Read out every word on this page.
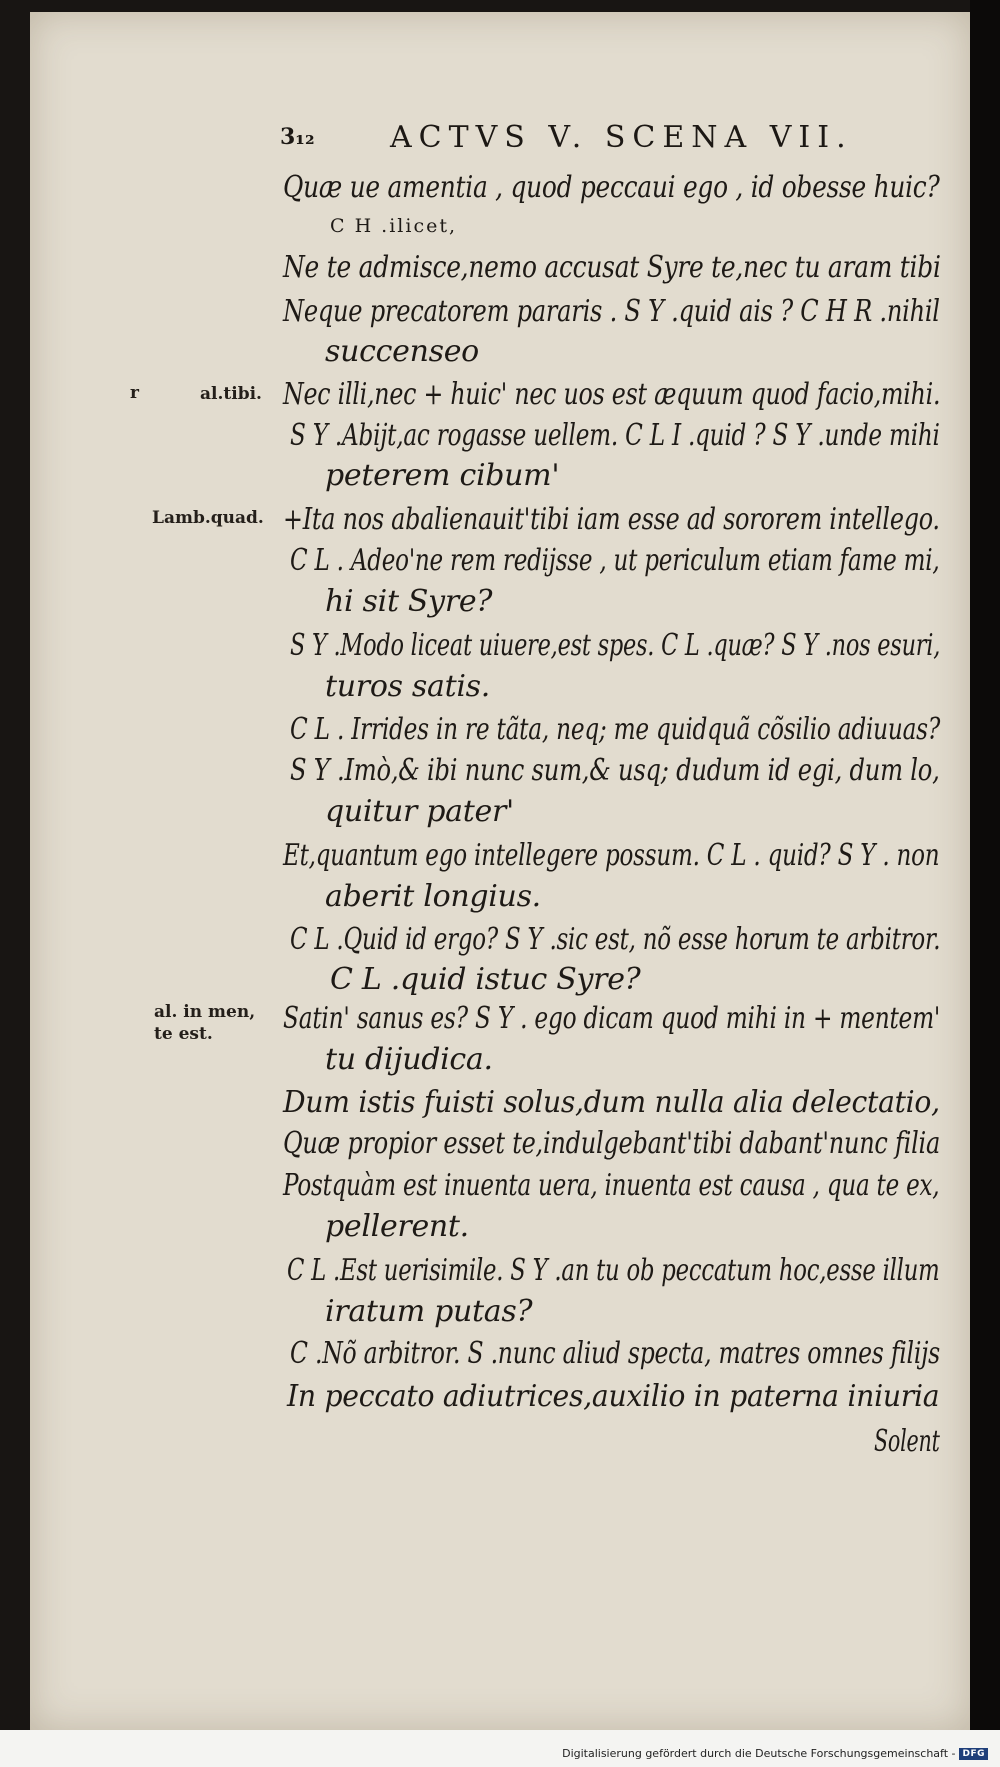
3₁₂	ACTVS V. SCENA VII.
r	al.tibi.
Lamb.quad.
al. in men,
te est.
Quæ ue amentia , quod peccaui ego , id obesse huic?
C H .ilicet,
Ne te admisce,nemo accusat Syre te,nec tu aram tibi
Neque precatorem pararis . S Y .quid ais ? C H R .nihil
succenseo
Nec illi,nec + huic' nec uos est æquum quod facio,mihi.
S Y .Abijt,ac rogasse uellem. C L I .quid ? S Y .unde mihi
peterem cibum'
+Ita nos abalienauit'tibi iam esse ad sororem intellego.
C L . Adeo'ne rem redijsse , ut periculum etiam fame mi,
hi sit Syre?
S Y .Modo liceat uiuere,est spes. C L .quæ? S Y .nos esuri,
turos satis.
C L . Irrides in re tãta, neq; me quidquã cõsilio adiuuas?
S Y .Imò,& ibi nunc sum,& usq; dudum id egi, dum lo,
quitur pater'
Et,quantum ego intellegere possum. C L . quid? S Y . non
aberit longius.
C L .Quid id ergo? S Y .sic est, nõ esse horum te arbitror.
C L .quid istuc Syre?
Satin' sanus es? S Y . ego dicam quod mihi in + mentem'
tu dijudica.
Dum istis fuisti solus,dum nulla alia delectatio,
Quæ propior esset te,indulgebant'tibi dabant'nunc filia
Postquàm est inuenta uera, inuenta est causa , qua te ex,
pellerent.
C L .Est uerisimile. S Y .an tu ob peccatum hoc,esse illum
iratum putas?
C .Nõ arbitror. S .nunc aliud specta, matres omnes filijs
In peccato adiutrices,auxilio in paterna iniuria
Solent
Digitalisierung gefördert durch die Deutsche Forschungsgemeinschaft - DFG
